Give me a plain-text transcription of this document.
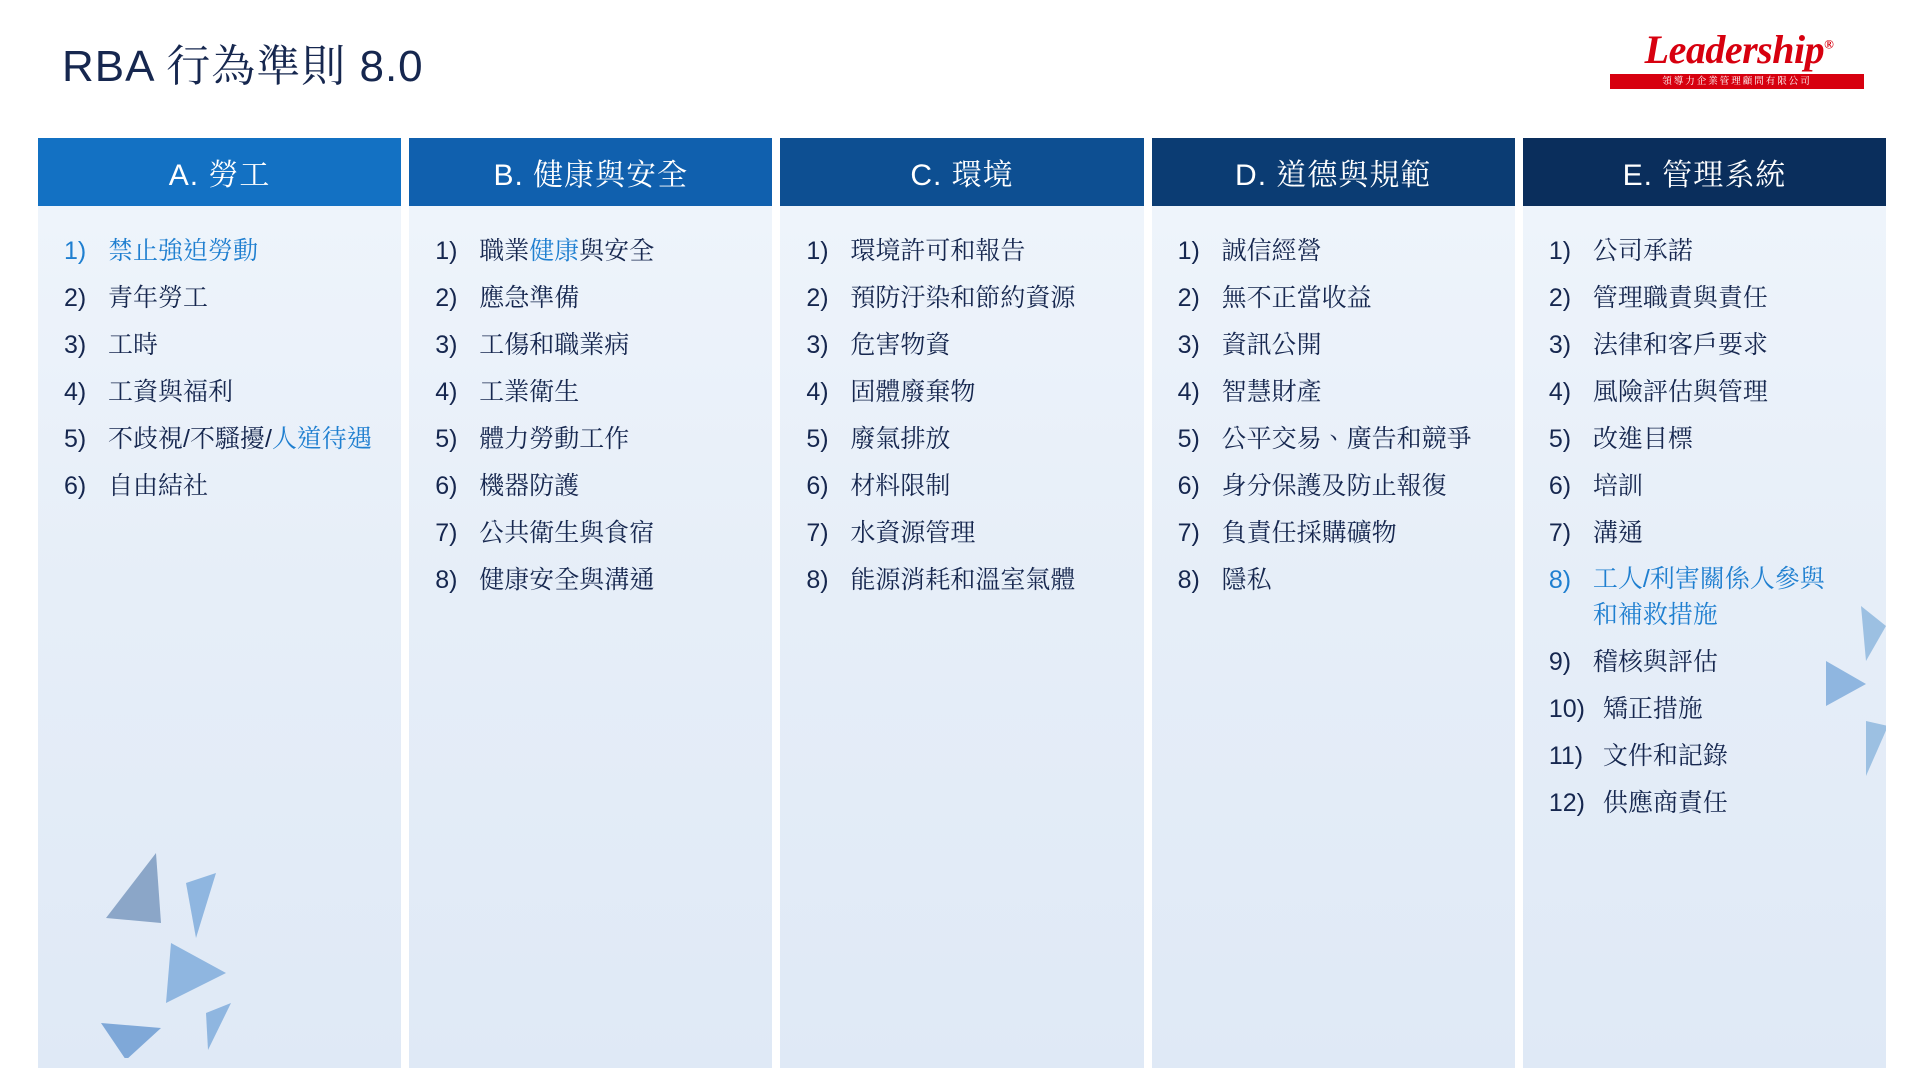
RBA 行為準則 8.0	Leadership®
領導力企業管理顧問有限公司
A. 勞工
1) 禁止強迫勞動
2) 青年勞工
3) 工時
4) 工資與福利
5) 不歧視/不騷擾/人道待遇
6) 自由結社
B. 健康與安全
1) 職業健康與安全
2) 應急準備
3) 工傷和職業病
4) 工業衛生
5) 體力勞動工作
6) 機器防護
7) 公共衛生與食宿
8) 健康安全與溝通
C. 環境
1) 環境許可和報告
2) 預防汙染和節約資源
3) 危害物資
4) 固體廢棄物
5) 廢氣排放
6) 材料限制
7) 水資源管理
8) 能源消耗和溫室氣體
D. 道德與規範
1) 誠信經營
2) 無不正當收益
3) 資訊公開
4) 智慧財產
5) 公平交易、廣告和競爭
6) 身分保護及防止報復
7) 負責任採購礦物
8) 隱私
E. 管理系統
1) 公司承諾
2) 管理職責與責任
3) 法律和客戶要求
4) 風險評估與管理
5) 改進目標
6) 培訓
7) 溝通
8) 工人/利害關係人參與
和補救措施
9) 稽核與評估
10) 矯正措施
11) 文件和記錄
12) 供應商責任
